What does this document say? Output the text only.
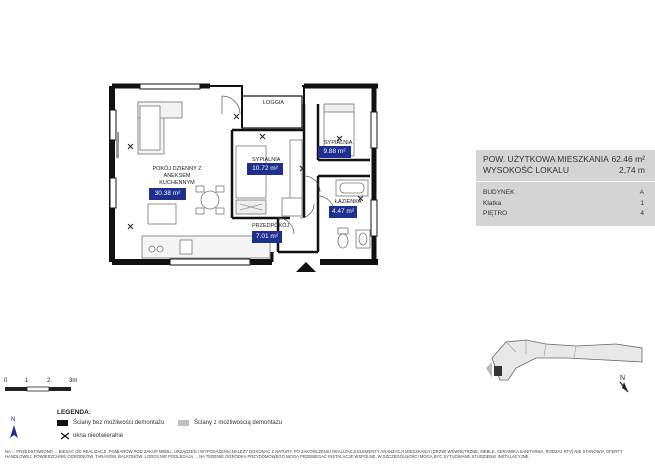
POKÓJ DZIENNY Z
ANEKSEM
KUCHENNYM
30.38 m²
SYPIALNIA
10.72 m²
SYPIALNIA
9.88 m²
ŁAZIENKA
4.47 m²
PRZEDPOKÓJ
7.01 m²
LOGGIA
POW. UŻYTKOWA MIESZKANIA 62.46 m²
WYSOKOŚĆ LOKALU	2,74 m
BUDYNEK	A
Klatka	1
PIĘTRO	4
N
0	1	2	3m
LEGENDA:
N	Ściany bez możliwości demontażu	Ściany z możliwością demontażu
okna nieotwieralne
NA ... PRZEDSTAWIONO ... BIESAĆ OD REALIZACJI. POMIARÓW POD ZAKUP MEBLI, URZĄDZEŃ I WYPOSAŻENIA NALEŻY DOKONAĆ Z NATURY. PO ZAKOŃCZENIU REALIZACJI ELEMENTY ARANŻACJI MIESZKANIA (DRZWI WEWNĘTRZNE, MEBLE, CERAMIKA SANITARNA, RODZAJ RTV) NIE STANOWIĄ OFERTY HANDLOWEJ. POWIERZCHNIE OGRÓDKÓW, TARASÓW, BALKONÓW, LOGGII NIE PODLEGAJĄ ... NA TERENIE OGRÓDKA PRZYDOMOWEGO MOGĄ PRZEBIEGAĆ INSTALACJE WSPÓLNE, W SZCZEGÓLNOŚCI MOGĄ BYĆ SYTUOWANE STUDZIENKI INSTALACYJNE.
